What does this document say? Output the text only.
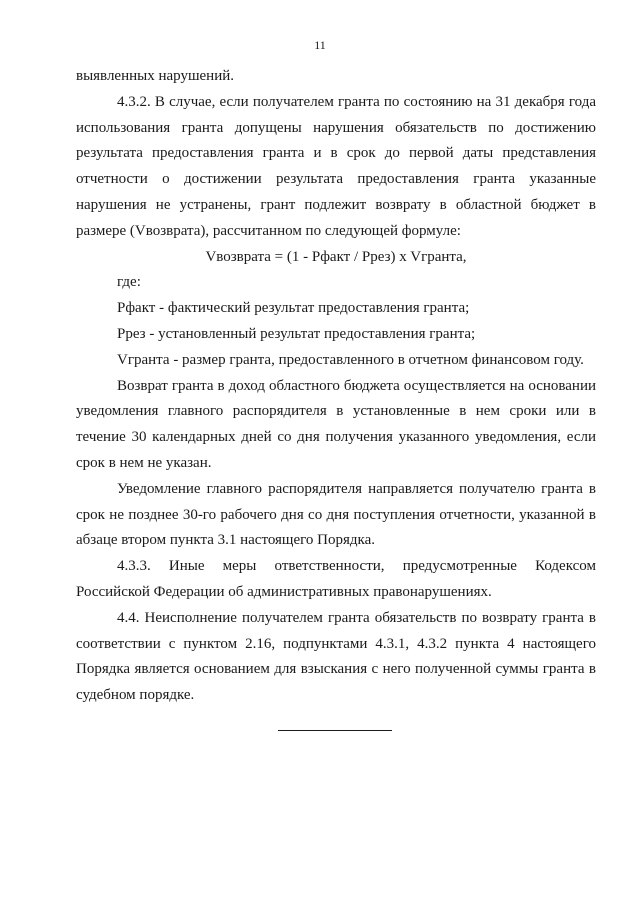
11

выявленных нарушений.

4.3.2. В случае, если получателем гранта по состоянию на 31 декабря года использования гранта допущены нарушения обязательств по достижению результата предоставления гранта и в срок до первой даты представления отчетности о достижении результата предоставления гранта указанные нарушения не устранены, грант подлежит возврату в областной бюджет в размере (Vвозврата), рассчитанном по следующей формуле:

Vвозврата = (1 - Рфакт / Ррез) x Vгранта,

где:

Рфакт - фактический результат предоставления гранта;

Ррез - установленный результат предоставления гранта;

Vгранта - размер гранта, предоставленного в отчетном финансовом году.

Возврат гранта в доход областного бюджета осуществляется на основании уведомления главного распорядителя в установленные в нем сроки или в течение 30 календарных дней со дня получения указанного уведомления, если срок в нем не указан.

Уведомление главного распорядителя направляется получателю гранта в срок не позднее 30-го рабочего дня со дня поступления отчетности, указанной в абзаце втором пункта 3.1 настоящего Порядка.

4.3.3. Иные меры ответственности, предусмотренные Кодексом Российской Федерации об административных правонарушениях.

4.4. Неисполнение получателем гранта обязательств по возврату гранта в соответствии с пунктом 2.16, подпунктами 4.3.1, 4.3.2 пункта 4 настоящего Порядка является основанием для взыскания с него полученной суммы гранта в судебном порядке.
